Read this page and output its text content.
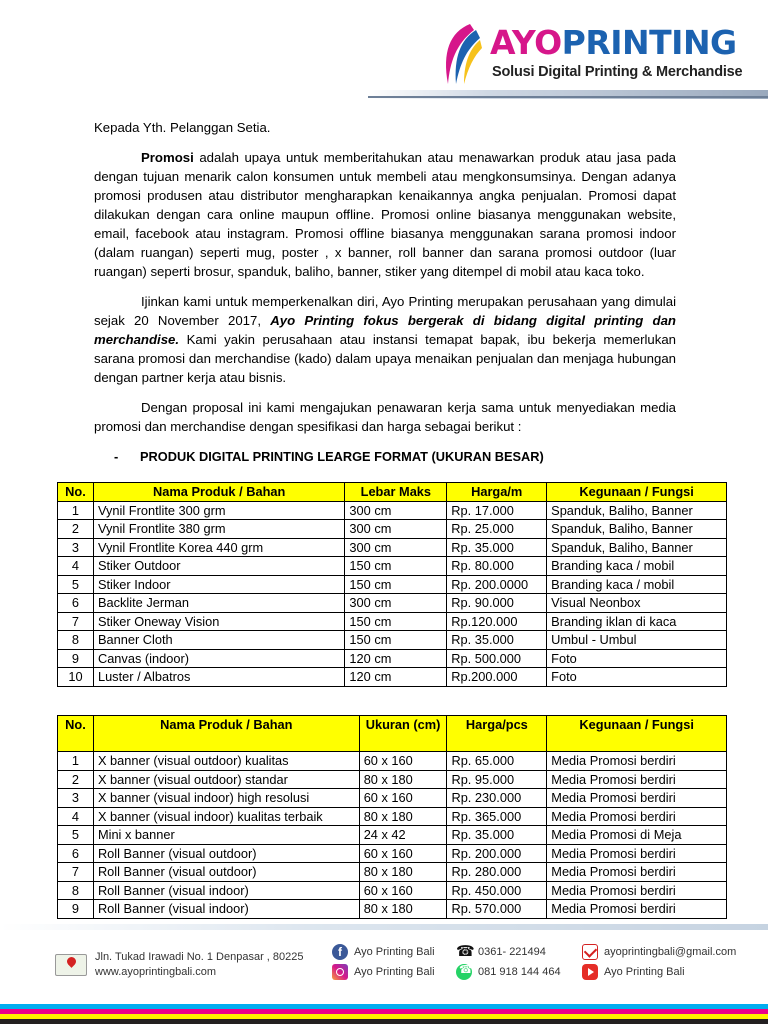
AYOPRINTING
Solusi Digital Printing & Merchandise
Kepada Yth. Pelanggan Setia.

Promosi adalah upaya untuk memberitahukan atau menawarkan produk atau jasa pada dengan tujuan menarik calon konsumen untuk membeli atau mengkonsumsinya. Dengan adanya promosi produsen atau distributor mengharapkan kenaikannya angka penjualan. Promosi dapat dilakukan dengan cara online maupun offline. Promosi online biasanya menggunakan website, email, facebook atau instagram. Promosi offline biasanya menggunakan sarana promosi indoor (dalam ruangan) seperti mug, poster , x banner, roll banner dan sarana promosi outdoor (luar ruangan) seperti brosur, spanduk, baliho, banner, stiker yang ditempel di mobil atau kaca toko.

Ijinkan kami untuk memperkenalkan diri, Ayo Printing merupakan perusahaan yang dimulai sejak 20 November 2017, Ayo Printing fokus bergerak di bidang digital printing dan merchandise. Kami yakin perusahaan atau instansi temapat bapak, ibu bekerja memerlukan sarana promosi dan merchandise (kado) dalam upaya menaikan penjualan dan menjaga hubungan dengan partner kerja atau bisnis.

Dengan proposal ini kami mengajukan penawaran kerja sama untuk menyediakan media promosi dan merchandise dengan spesifikasi dan harga sebagai berikut :

- PRODUK DIGITAL PRINTING LEARGE FORMAT (UKURAN BESAR)
No.	Nama Produk / Bahan	Lebar Maks	Harga/m	Kegunaan / Fungsi
1	Vynil Frontlite 300 grm	300 cm	Rp. 17.000	Spanduk, Baliho, Banner
2	Vynil Frontlite 380 grm	300 cm	Rp. 25.000	Spanduk, Baliho, Banner
3	Vynil Frontlite Korea 440 grm	300 cm	Rp. 35.000	Spanduk, Baliho, Banner
4	Stiker Outdoor	150 cm	Rp. 80.000	Branding kaca / mobil
5	Stiker Indoor	150 cm	Rp. 200.0000	Branding kaca / mobil
6	Backlite Jerman	300 cm	Rp. 90.000	Visual Neonbox
7	Stiker Oneway Vision	150 cm	Rp.120.000	Branding iklan di kaca
8	Banner Cloth	150 cm	Rp. 35.000	Umbul - Umbul
9	Canvas (indoor)	120 cm	Rp. 500.000	Foto
10	Luster / Albatros	120 cm	Rp.200.000	Foto
No.	Nama Produk / Bahan	Ukuran (cm)	Harga/pcs	Kegunaan / Fungsi
1	X banner (visual outdoor) kualitas	60 x 160	Rp. 65.000	Media Promosi berdiri
2	X banner (visual outdoor) standar	80 x 180	Rp. 95.000	Media Promosi berdiri
3	X banner (visual indoor) high resolusi	60 x 160	Rp. 230.000	Media Promosi berdiri
4	X banner (visual indoor) kualitas terbaik	80 x 180	Rp. 365.000	Media Promosi berdiri
5	Mini x banner	24 x 42	Rp. 35.000	Media Promosi di Meja
6	Roll Banner (visual outdoor)	60 x 160	Rp. 200.000	Media Promosi berdiri
7	Roll Banner (visual outdoor)	80 x 180	Rp. 280.000	Media Promosi berdiri
8	Roll Banner (visual indoor)	60 x 160	Rp. 450.000	Media Promosi berdiri
9	Roll Banner (visual indoor)	80 x 180	Rp. 570.000	Media Promosi berdiri
Jln. Tukad Irawadi No. 1 Denpasar , 80225
www.ayoprintingbali.com
f	Ayo Printing Bali
Ayo Printing Bali
☎ 0361- 221494
☎
081 918 144 464
ayoprintingbali@gmail.com
Ayo Printing Bali
